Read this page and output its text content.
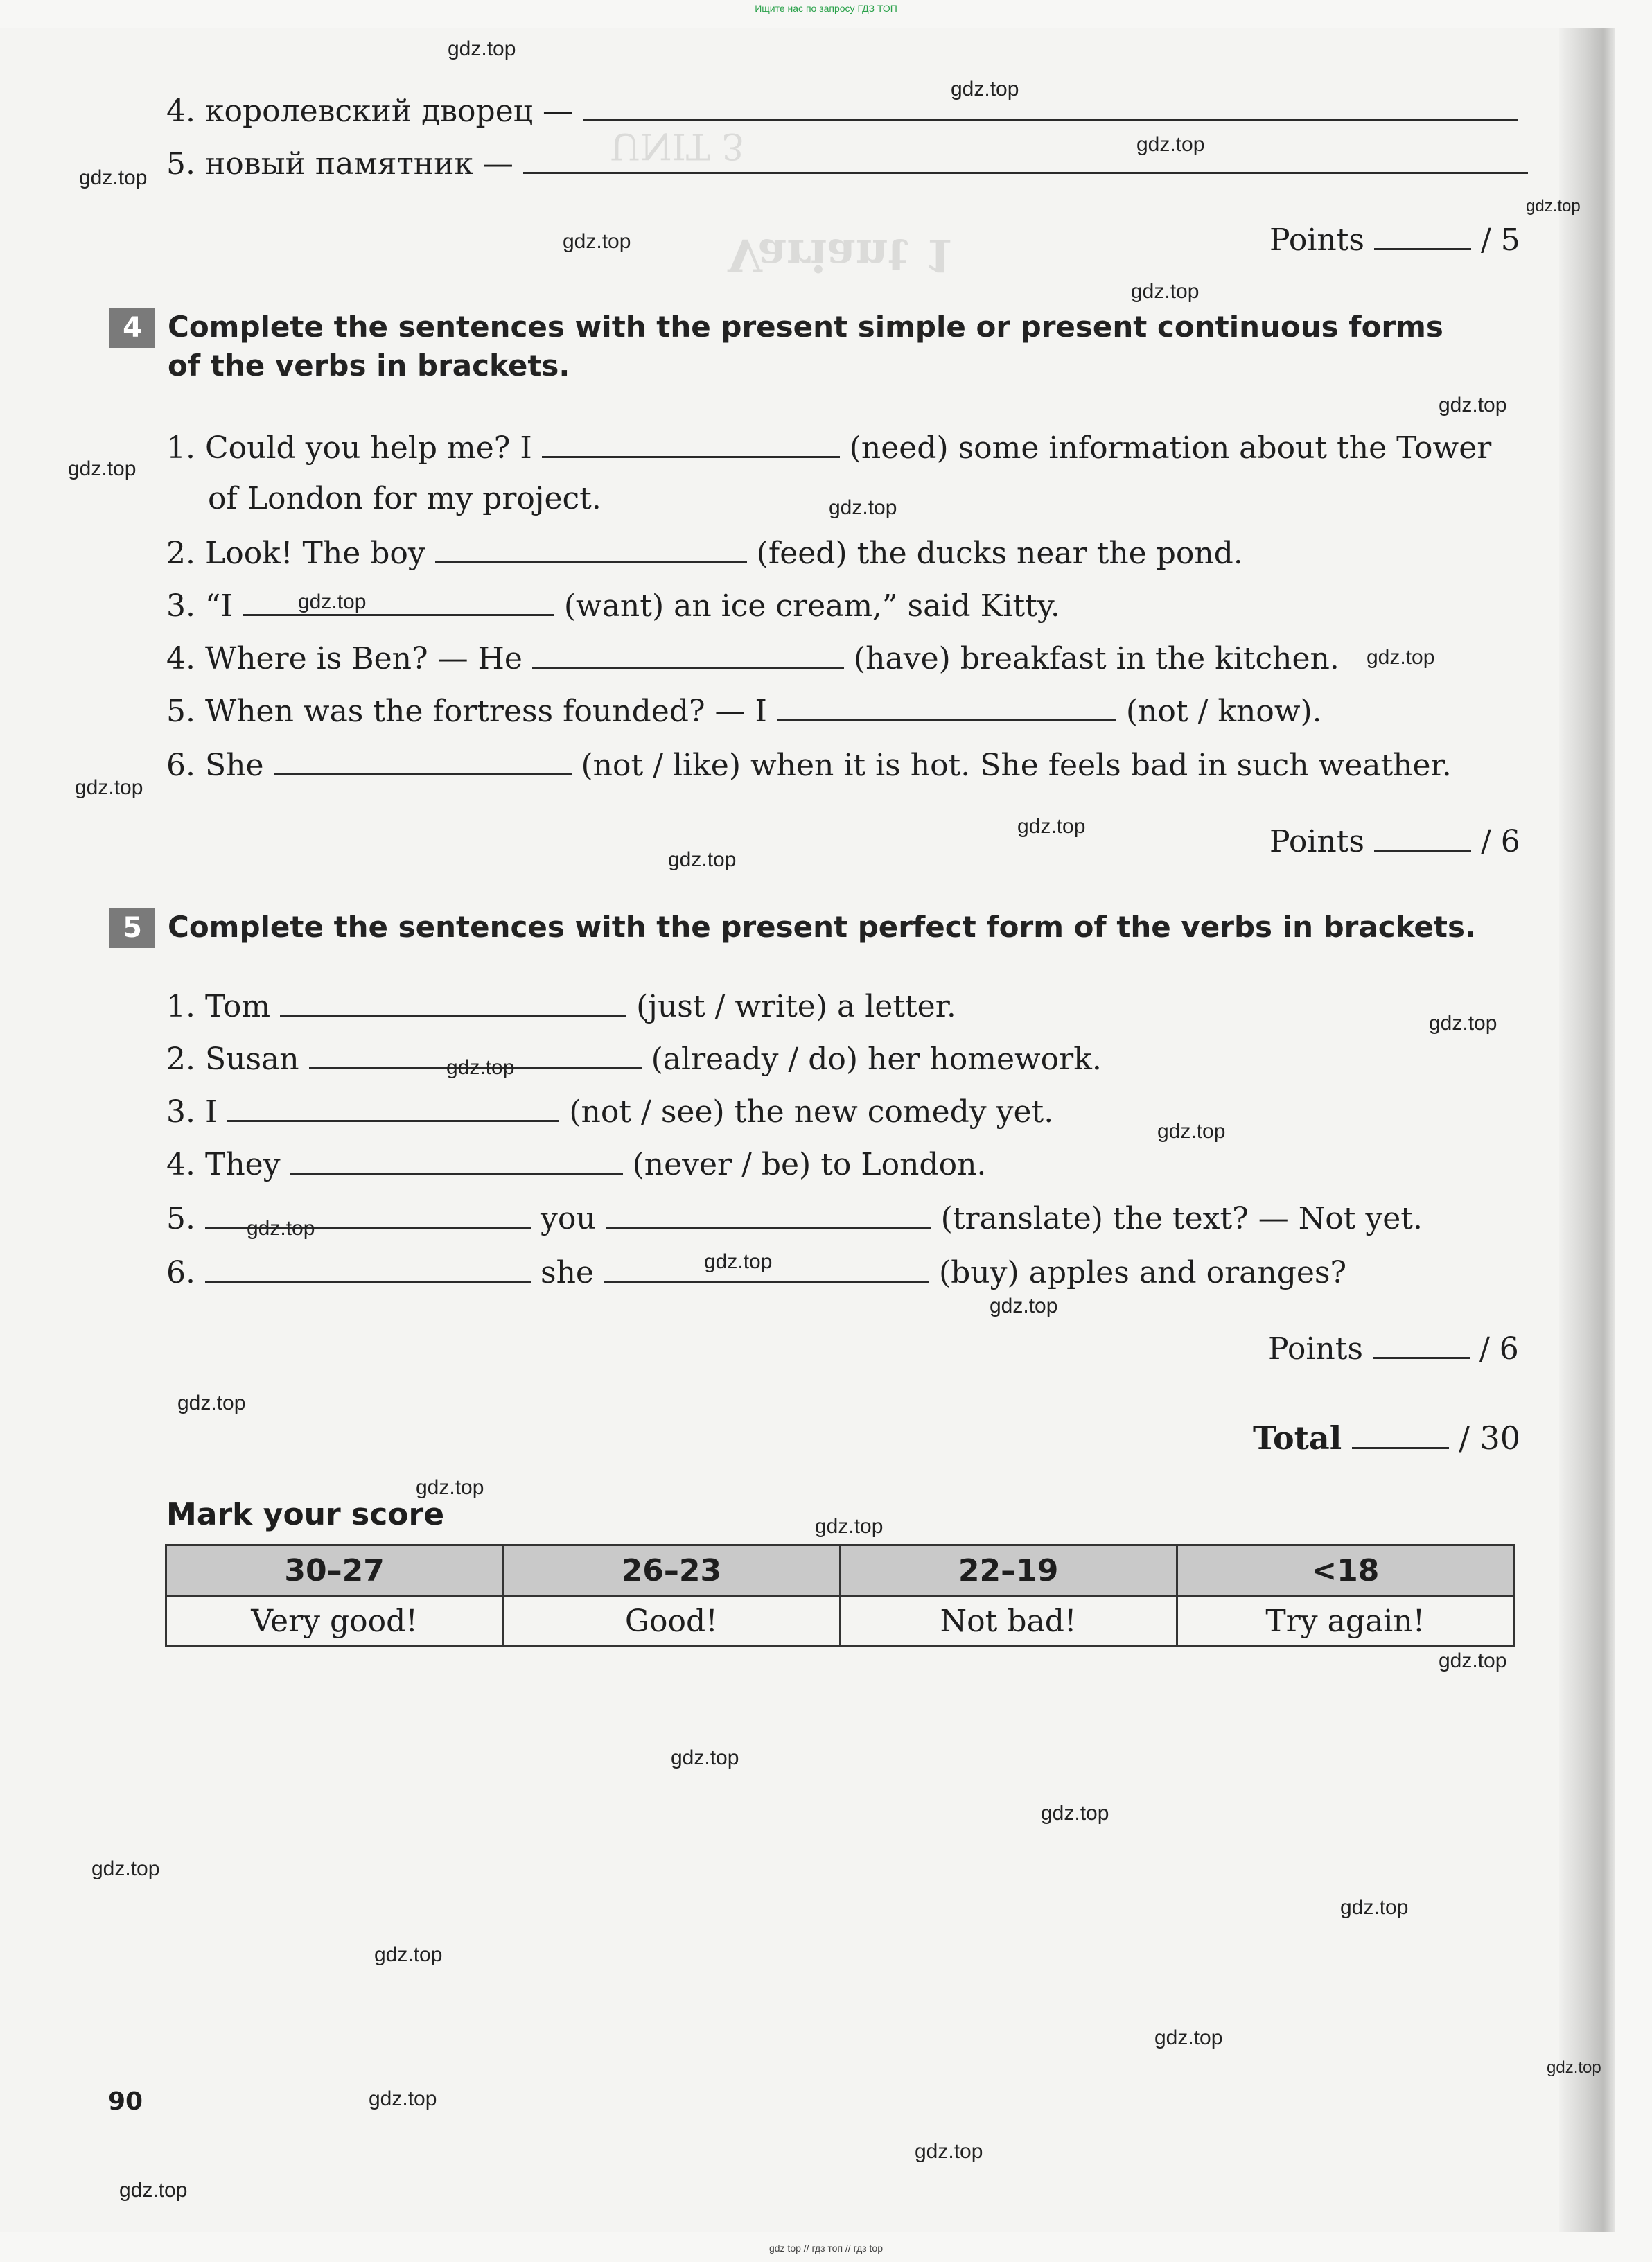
Ищите нас по запросу ГДЗ ТОП
Variant 1
UNIT 3
4. королевский дворец —
5. новый памятник —
Points	/ 5
4 Complete the sentences with the present simple or present continuous forms
of the verbs in brackets.
1. Could you help me? I	(need) some information about the Tower
of London for my project.
2. Look! The boy	(feed) the ducks near the pond.
3. “I	(want) an ice cream,” said Kitty.
4. Where is Ben? — He	(have) breakfast in the kitchen.
5. When was the fortress founded? — I	(not / know).
6. She	(not / like) when it is hot. She feels bad in such weather.
Points	/ 6
5 Complete the sentences with the present perfect form of the verbs in brackets.
1. Tom	(just / write) a letter.
2. Susan	(already / do) her homework.
3. I	(not / see) the new comedy yet.
4. They	(never / be) to London.
5.	you	(translate) the text? — Not yet.
6.	she	(buy) apples and oranges?
Points	/ 6
Total	/ 30
Mark your score
30–27	26–23	22–19	<18
Very good!	Good!	Not bad!	Try again!
90
gdz.top
gdz.top
gdz.top
gdz.top
gdz.top
gdz.top
gdz.top
gdz.top
gdz.top
gdz.top
gdz.top
gdz.top
gdz.top
gdz.top
gdz.top
gdz.top
gdz.top
gdz.top
gdz.top
gdz.top
gdz.top
gdz.top
gdz.top
gdz.top
gdz.top
gdz.top
gdz.top
gdz.top
gdz.top
gdz.top
gdz.top
gdz.top
gdz.top
gdz.top
gdz.top
gdz top // гдз топ // гдз top
